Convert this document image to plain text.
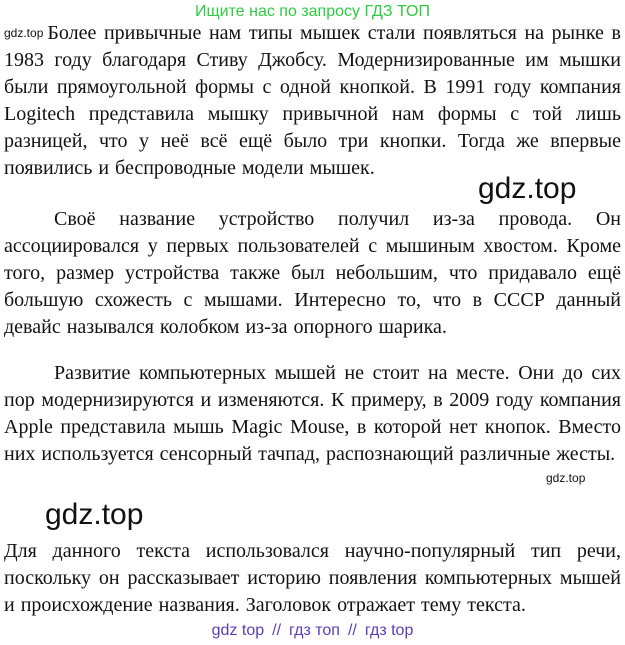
Ищите нас по запросу ГДЗ ТОП

gdz.top Более привычные нам типы мышек стали появляться на рынке в 1983 году благодаря Стиву Джобсу. Модернизированные им мышки были прямоугольной формы с одной кнопкой. В 1991 году компания Logitech представила мышку привычной нам формы с той лишь разницей, что у неё всё ещё было три кнопки. Тогда же впервые появились и беспроводные модели мышек.

gdz.top

Своё название устройство получил из-за провода. Он ассоциировался у первых пользователей с мышиным хвостом. Кроме того, размер устройства также был небольшим, что придавало ещё большую схожесть с мышами. Интересно то, что в СССР данный девайс назывался колобком из-за опорного шарика.

Развитие компьютерных мышей не стоит на месте. Они до сих пор модернизируются и изменяются. К примеру, в 2009 году компания Apple представила мышь Magic Mouse, в которой нет кнопок. Вместо них используется сенсорный тачпад, распознающий различные жесты.

gdz.top
gdz.top

Для данного текста использовался научно-популярный тип речи, поскольку он рассказывает историю появления компьютерных мышей и происхождение названия. Заголовок отражает тему текста.

gdz top // гдз топ // гдз top
